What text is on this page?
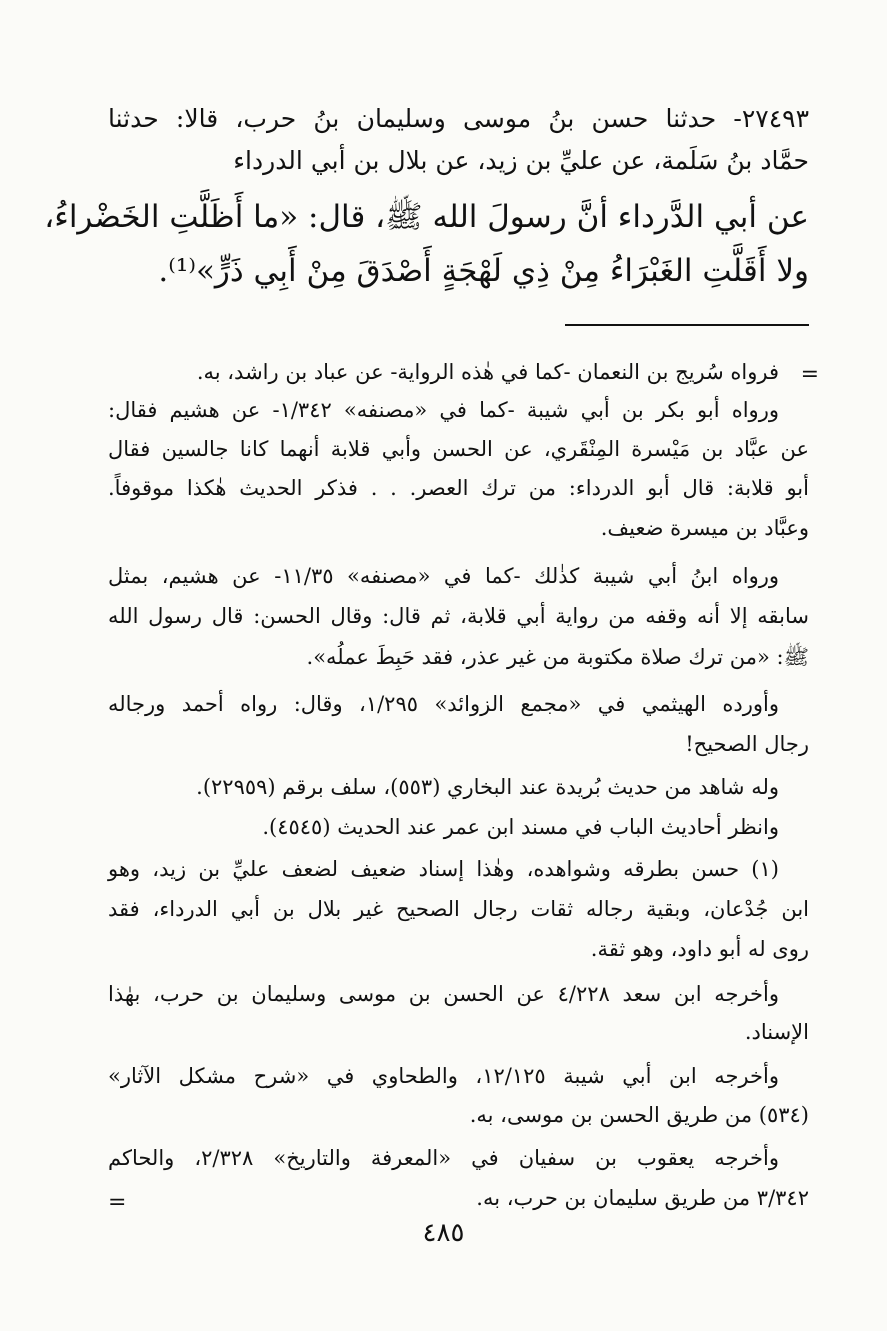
٢٧٤٩٣- حدثنا حسن بنُ موسى وسليمان بنُ حرب، قالا: حدثنا
حمَّاد بنُ سَلَمة، عن عليِّ بن زيد، عن بلال بن أبي الدرداء
عن أبي الدَّرداء أنَّ رسولَ الله ﷺ، قال: «ما أَظَلَّتِ الخَضْراءُ،
ولا أَقَلَّتِ الغَبْرَاءُ مِنْ ذِي لَهْجَةٍ أَصْدَقَ مِنْ أَبِي ذَرٍّ»⁽¹⁾.
=
فرواه سُريج بن النعمان -كما في هٰذه الرواية- عن عباد بن راشد، به.
ورواه أبو بكر بن أبي شيبة -كما في «مصنفه» ١/٣٤٢- عن هشيم فقال:
عن عبَّاد بن مَيْسرة المِنْقَري، عن الحسن وأبي قلابة أنهما كانا جالسين فقال
أبو قلابة: قال أبو الدرداء: من ترك العصر. . . فذكر الحديث هٰكذا موقوفاً.
وعبَّاد بن ميسرة ضعيف.
ورواه ابنُ أبي شيبة كذٰلك -كما في «مصنفه» ١١/٣٥- عن هشيم، بمثل
سابقه إلا أنه وقفه من رواية أبي قلابة، ثم قال: وقال الحسن: قال رسول الله
ﷺ: «من ترك صلاة مكتوبة من غير عذر، فقد حَبِطَ عملُه».
وأورده الهيثمي في «مجمع الزوائد» ١/٢٩٥، وقال: رواه أحمد ورجاله
رجال الصحيح!
وله شاهد من حديث بُريدة عند البخاري (٥٥٣)، سلف برقم (٢٢٩٥٩).
وانظر أحاديث الباب في مسند ابن عمر عند الحديث (٤٥٤٥).
(١) حسن بطرقه وشواهده، وهٰذا إسناد ضعيف لضعف عليِّ بن زيد، وهو
ابن جُدْعان، وبقية رجاله ثقات رجال الصحيح غير بلال بن أبي الدرداء، فقد
روى له أبو داود، وهو ثقة.
وأخرجه ابن سعد ٤/٢٢٨ عن الحسن بن موسى وسليمان بن حرب، بهٰذا
الإسناد.
وأخرجه ابن أبي شيبة ١٢/١٢٥، والطحاوي في «شرح مشكل الآثار»
(٥٣٤) من طريق الحسن بن موسى، به.
وأخرجه يعقوب بن سفيان في «المعرفة والتاريخ» ٢/٣٢٨، والحاكم
٣/٣٤٢ من طريق سليمان بن حرب، به.
=
٤٨٥
